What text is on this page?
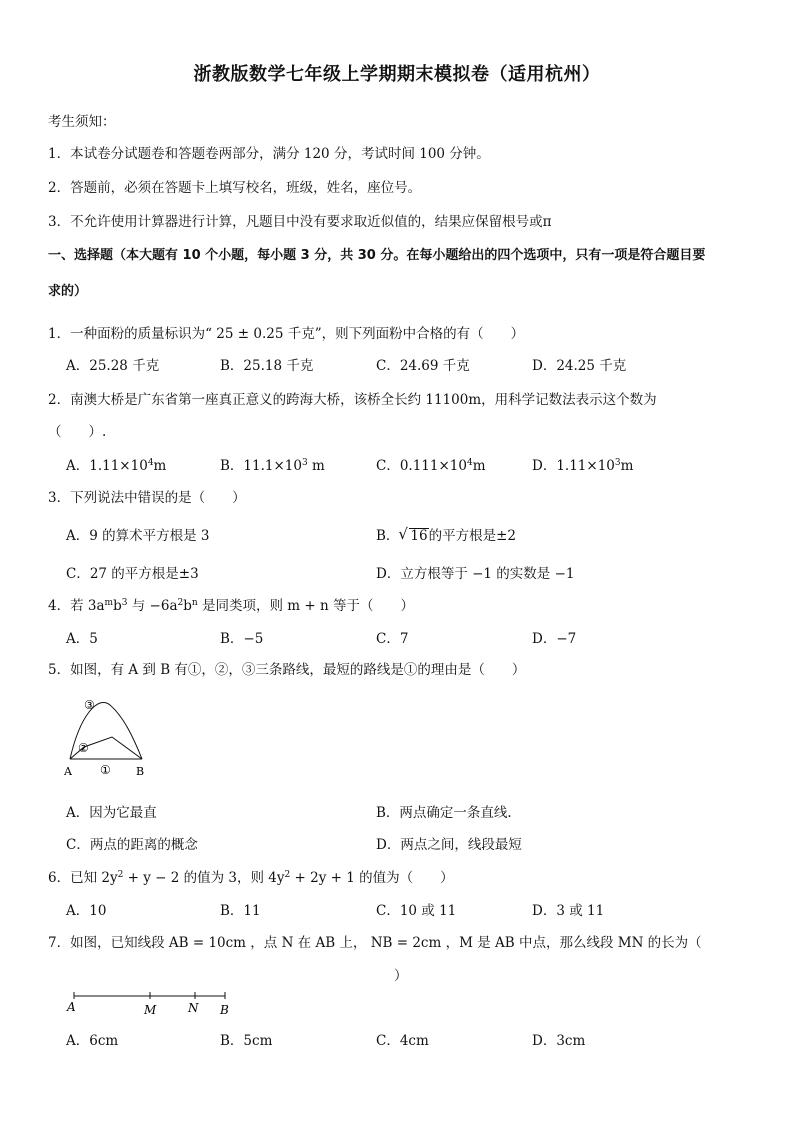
浙教版数学七年级上学期期末模拟卷（适用杭州）
考生须知：
1．本试卷分试题卷和答题卷两部分，满分 120 分，考试时间 100 分钟。
2．答题前，必须在答题卡上填写校名，班级，姓名，座位号。
3．不允许使用计算器进行计算，凡题目中没有要求取近似值的，结果应保留根号或π
一、选择题（本大题有 10 个小题，每小题 3 分，共 30 分。在每小题给出的四个选项中，只有一项是符合题目要
求的）
1．一种面粉的质量标识为“ 25 ± 0.25 千克”，则下列面粉中合格的有（　　）
A．25.28 千克	B．25.18 千克	C．24.69 千克	D．24.25 千克
2．南澳大桥是广东省第一座真正意义的跨海大桥，该桥全长约 11100m，用科学记数法表示这个数为
（　　）.
A．$1.11\times 10^4m$	B．$11.1\times 10^3$ m	C．$0.111\times 10^4m$	D．$1.11\times 10^3m$
3．下列说法中错误的是（　　）
A．9 的算术平方根是 3	B．√ 16的平方根是±2
C．27 的平方根是±3	D．立方根等于 −1 的实数是 −1
4．若 $3a^mb^3$ 与 $-6a^2b^n$ 是同类项，则 m + n 等于（　　）
A．5	B．−5	C．7	D．−7
5．如图，有 A 到 B 有①，②，③三条路线，最短的路线是①的理由是（　　）
③
②
①
A	B
A．因为它最直	B．两点确定一条直线.
C．两点的距离的概念	D．两点之间，线段最短
6．已知 $2y^2 + y - 2$ 的值为 3，则 $4y^2 + 2y + 1$ 的值为（　　）
A．10	B．11	C．10 或 11	D．3 或 11
7．如图，已知线段 AB = 10cm ，点 N 在 AB 上， NB = 2cm ，M 是 AB 中点，那么线段 MN 的长为（
）
A	M	N B
A．6cm	B．5cm	C．4cm	D．3cm
